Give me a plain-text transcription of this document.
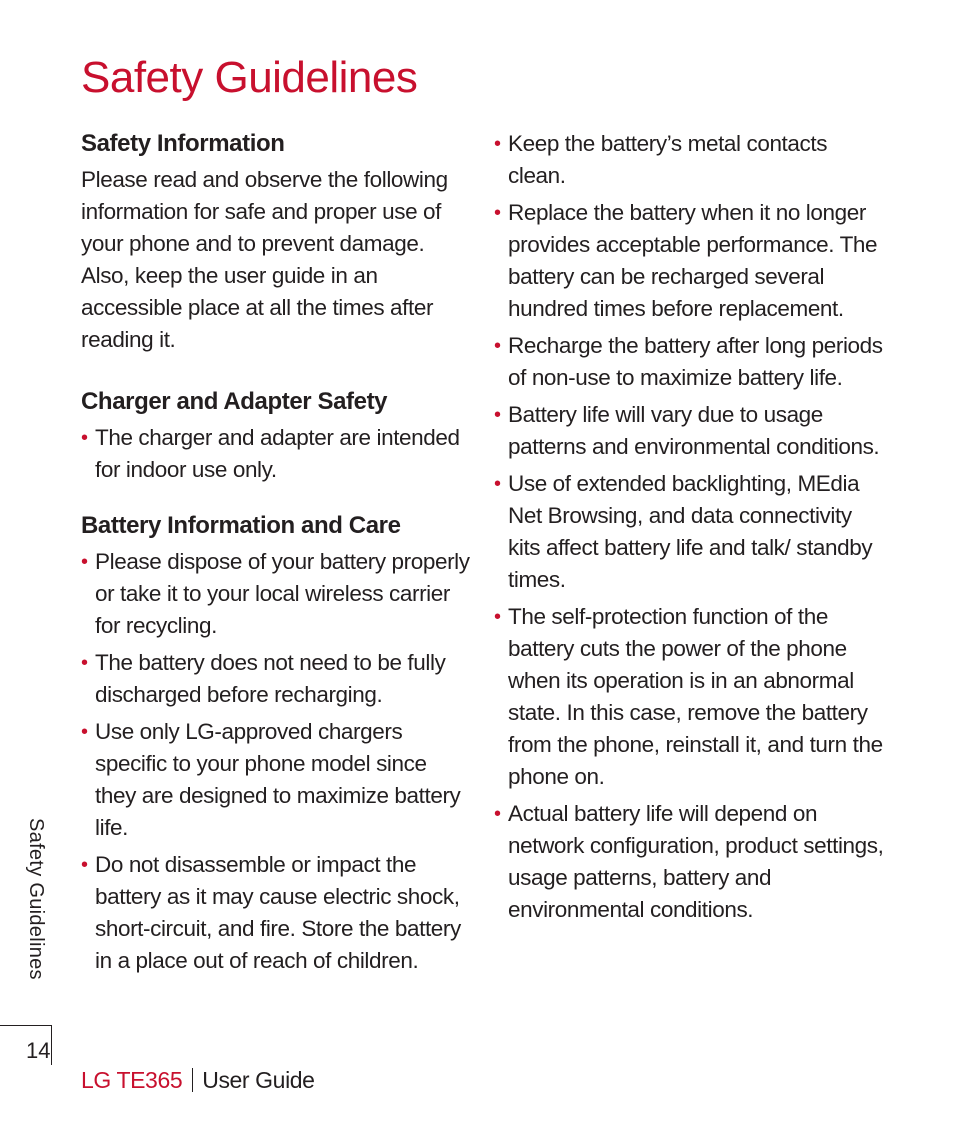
Safety Guidelines
Safety Information

Please read and observe the following information for safe and proper use of your phone and to prevent damage. Also, keep the user guide in an accessible place at all the times after reading it.

Charger and Adapter Safety
• The charger and adapter are intended for indoor use only.
Battery Information and Care
• Please dispose of your battery properly or take it to your local wireless carrier for recycling.
• The battery does not need to be fully discharged before recharging.
• Use only LG-approved chargers specific to your phone model since they are designed to maximize battery life.
• Do not disassemble or impact the battery as it may cause electric shock, short-circuit, and fire. Store the battery in a place out of reach of children.
• Keep the battery’s metal contacts clean.
• Replace the battery when it no longer provides acceptable performance. The battery can be recharged several hundred times before replacement.
• Recharge the battery after long periods of non-use to maximize battery life.
• Battery life will vary due to usage patterns and environmental conditions.
• Use of extended backlighting, MEdia Net Browsing, and data connectivity kits affect battery life and talk/ standby times.
• The self-protection function of the battery cuts the power of the phone when its operation is in an abnormal state. In this case, remove the battery from the phone, reinstall it, and turn the phone on.
• Actual battery life will depend on network configuration, product settings, usage patterns, battery and environmental conditions.
Safety Guidelines
14
LG TE365 User Guide
